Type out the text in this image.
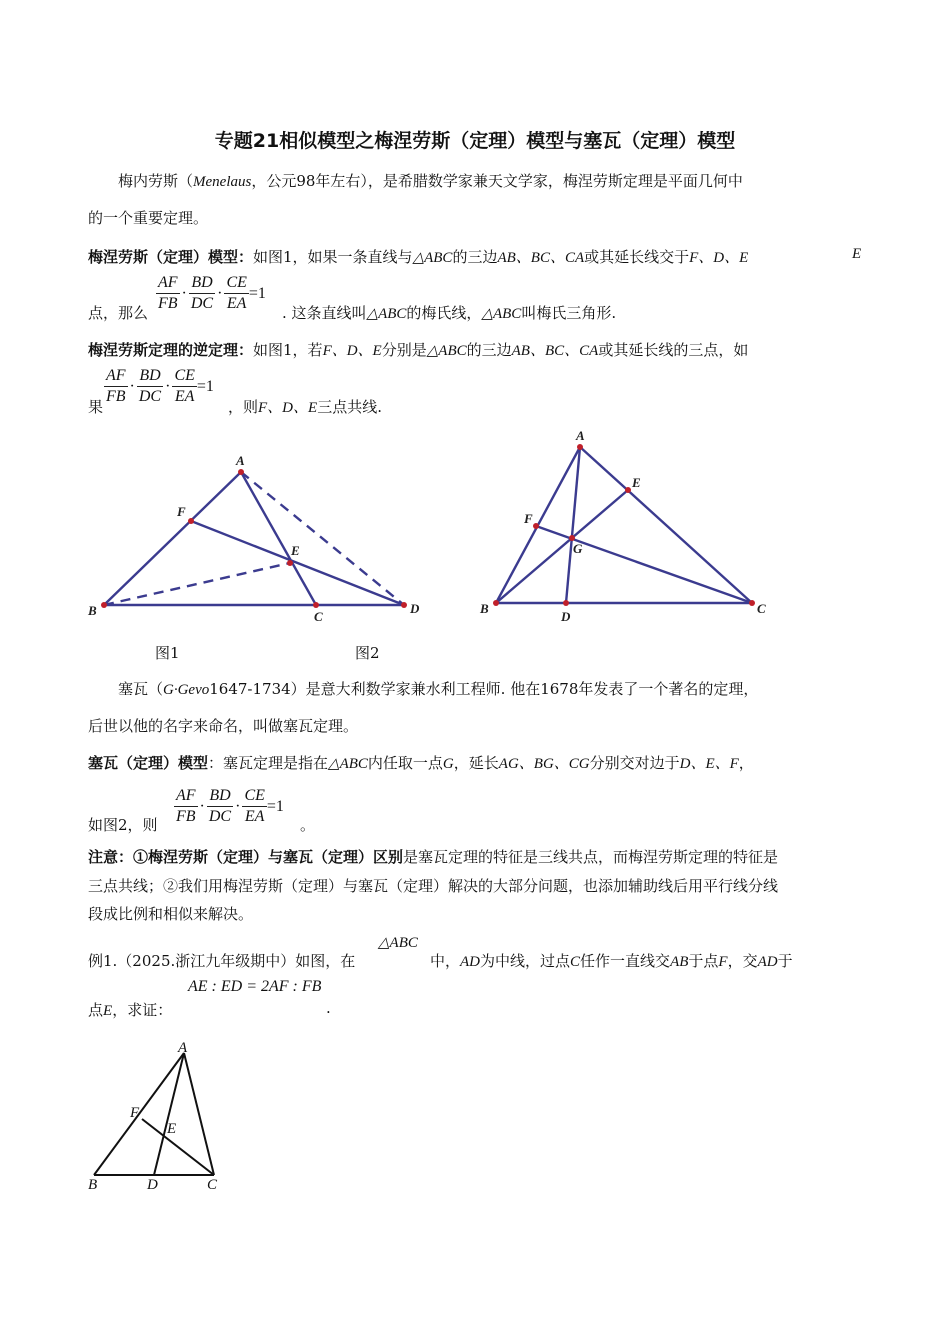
专题21相似模型之梅涅劳斯（定理）模型与塞瓦（定理）模型
梅内劳斯（Menelaus，公元98年左右），是希腊数学家兼天文学家，梅涅劳斯定理是平面几何中
的一个重要定理。
梅涅劳斯（定理）模型：如图1，如果一条直线与△ABC的三边AB、BC、CA或其延长线交于F、D、E	E
点，那么 $\frac{AF}{FB} \cdot \frac{BD}{DC} \cdot \frac{CE}{EA} =1$
. 这条直线叫△ABC的梅氏线，△ABC叫梅氏三角形.
梅涅劳斯定理的逆定理：如图1，若F、D、E分别是△ABC的三边AB、BC、CA或其延长线的三点，如
果 $\frac{AF}{FB} \cdot \frac{BD}{DC} \cdot \frac{CE}{EA} =1$
，则F、D、E三点共线.
A
B	C
D
E
F
A
B	C
D
E
F
G
图1	图2
塞瓦（G·Gevo1647-1734）是意大利数学家兼水利工程师. 他在1678年发表了一个著名的定理，
后世以他的名字来命名，叫做塞瓦定理。
塞瓦（定理）模型：塞瓦定理是指在△ABC内任取一点G，延长AG、BG、CG分别交对边于D、E、F，
如图2，则 $\frac{AF}{FB} \cdot \frac{BD}{DC} \cdot \frac{CE}{EA} =1$
。
注意：①梅涅劳斯（定理）与塞瓦（定理）区别是塞瓦定理的特征是三线共点，而梅涅劳斯定理的特征是
三点共线；②我们用梅涅劳斯（定理）与塞瓦（定理）解决的大部分问题，也添加辅助线后用平行线分线
段成比例和相似来解决。
△ABC
例1.（2025.浙江九年级期中）如图，在	中，AD为中线，过点C任作一直线交AB于点F，交AD于
AE : ED = 2AF : FB
点E，求证：	.
A
B	C
D
E
F
